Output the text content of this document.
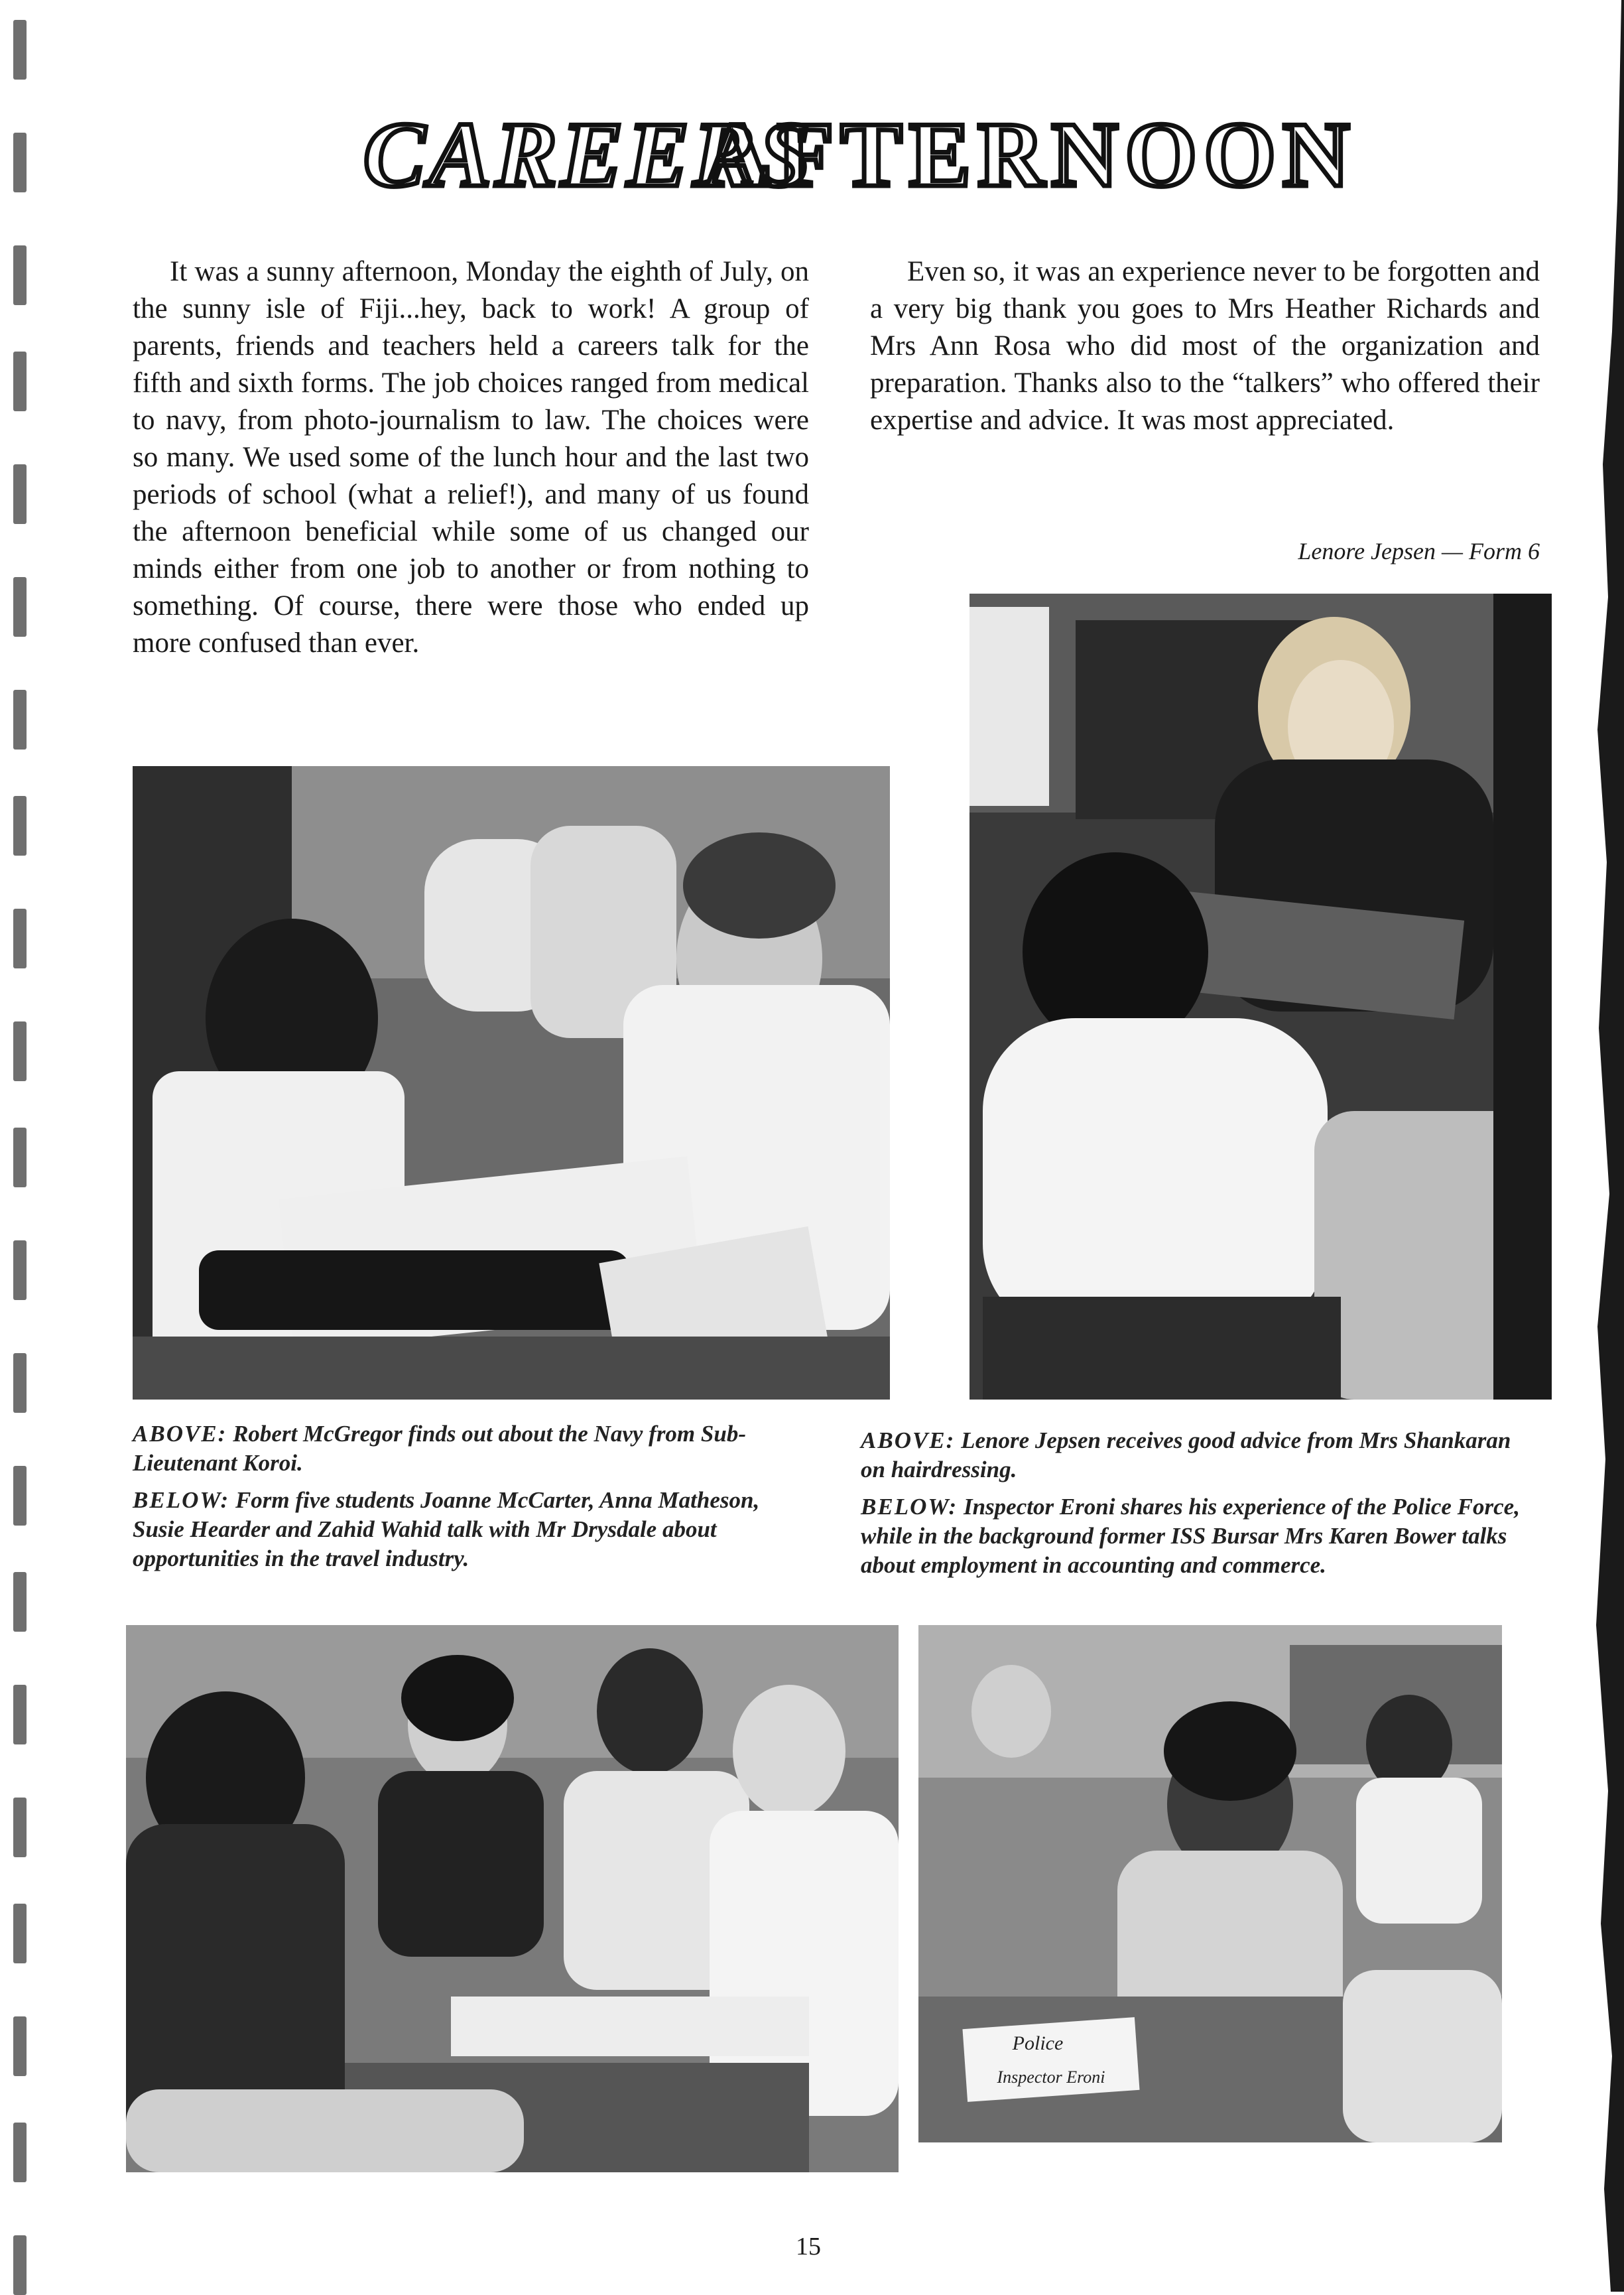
CAREERS
AFTERNOON

It was a sunny afternoon, Monday the eighth of July, on the sunny isle of Fiji...hey, back to work! A group of parents, friends and teachers held a careers talk for the fifth and sixth forms. The job choices ranged from medical to navy, from photo-journalism to law. The choices were so many. We used some of the lunch hour and the last two periods of school (what a relief!), and many of us found the afternoon beneficial while some of us changed our minds either from one job to another or from nothing to something. Of course, there were those who ended up more confused than ever.

Even so, it was an experience never to be forgotten and a very big thank you goes to Mrs Heather Richards and Mrs Ann Rosa who did most of the organization and preparation. Thanks also to the “talkers” who offered their expertise and advice. It was most appreciated.

Lenore Jepsen — Form 6

ABOVE: Robert McGregor finds out about the Navy from Sub-Lieutenant Koroi.

BELOW: Form five students Joanne McCarter, Anna Matheson, Susie Hearder and Zahid Wahid talk with Mr Drysdale about opportunities in the travel industry.

ABOVE: Lenore Jepsen receives good advice from Mrs Shankaran on hairdressing.

BELOW: Inspector Eroni shares his experience of the Police Force, while in the background former ISS Bursar Mrs Karen Bower talks about employment in accounting and commerce.

Police
Inspector Eroni
15
